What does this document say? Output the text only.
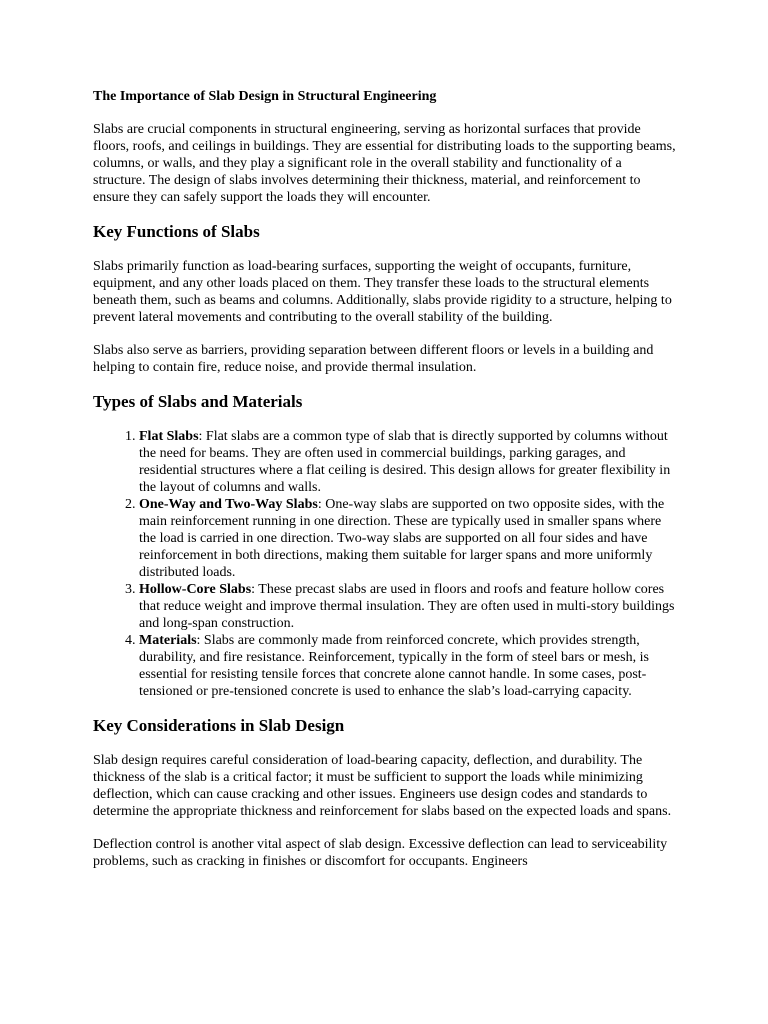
The Importance of Slab Design in Structural Engineering

Slabs are crucial components in structural engineering, serving as horizontal surfaces that provide floors, roofs, and ceilings in buildings. They are essential for distributing loads to the supporting beams, columns, or walls, and they play a significant role in the overall stability and functionality of a structure. The design of slabs involves determining their thickness, material, and reinforcement to ensure they can safely support the loads they will encounter.

Key Functions of Slabs

Slabs primarily function as load-bearing surfaces, supporting the weight of occupants, furniture, equipment, and any other loads placed on them. They transfer these loads to the structural elements beneath them, such as beams and columns. Additionally, slabs provide rigidity to a structure, helping to prevent lateral movements and contributing to the overall stability of the building.

Slabs also serve as barriers, providing separation between different floors or levels in a building and helping to contain fire, reduce noise, and provide thermal insulation.

Types of Slabs and Materials
1. Flat Slabs: Flat slabs are a common type of slab that is directly supported by columns without the need for beams. They are often used in commercial buildings, parking garages, and residential structures where a flat ceiling is desired. This design allows for greater flexibility in the layout of columns and walls.
2. One-Way and Two-Way Slabs: One-way slabs are supported on two opposite sides, with the main reinforcement running in one direction. These are typically used in smaller spans where the load is carried in one direction. Two-way slabs are supported on all four sides and have reinforcement in both directions, making them suitable for larger spans and more uniformly distributed loads.
3. Hollow-Core Slabs: These precast slabs are used in floors and roofs and feature hollow cores that reduce weight and improve thermal insulation. They are often used in multi-story buildings and long-span construction.
4. Materials: Slabs are commonly made from reinforced concrete, which provides strength, durability, and fire resistance. Reinforcement, typically in the form of steel bars or mesh, is essential for resisting tensile forces that concrete alone cannot handle. In some cases, post-tensioned or pre-tensioned concrete is used to enhance the slab’s load-carrying capacity.
Key Considerations in Slab Design

Slab design requires careful consideration of load-bearing capacity, deflection, and durability. The thickness of the slab is a critical factor; it must be sufficient to support the loads while minimizing deflection, which can cause cracking and other issues. Engineers use design codes and standards to determine the appropriate thickness and reinforcement for slabs based on the expected loads and spans.

Deflection control is another vital aspect of slab design. Excessive deflection can lead to serviceability problems, such as cracking in finishes or discomfort for occupants. Engineers
